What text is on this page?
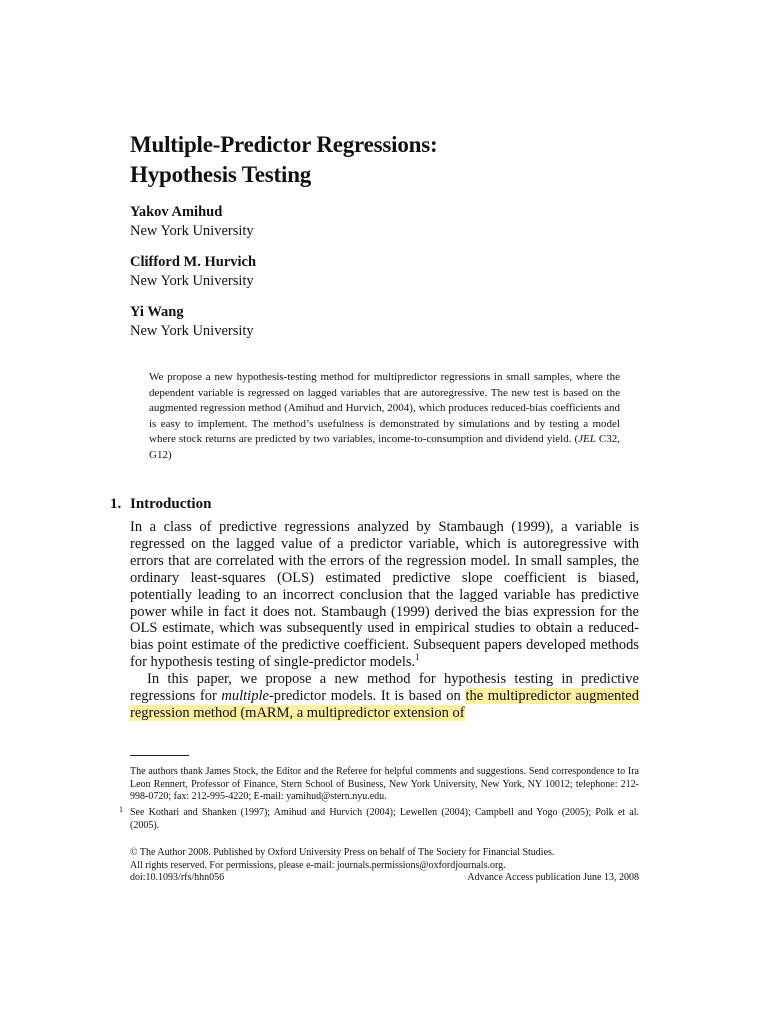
Multiple-Predictor Regressions:
Hypothesis Testing
Yakov Amihud
New York University
Clifford M. Hurvich
New York University
Yi Wang
New York University
We propose a new hypothesis-testing method for multipredictor regressions in small samples, where the dependent variable is regressed on lagged variables that are autoregressive. The new test is based on the augmented regression method (Amihud and Hurvich, 2004), which produces reduced-bias coefficients and is easy to implement. The method’s usefulness is demonstrated by simulations and by testing a model where stock returns are predicted by two variables, income-to-consumption and dividend yield. (JEL C32, G12)
1. Introduction

In a class of predictive regressions analyzed by Stambaugh (1999), a variable is regressed on the lagged value of a predictor variable, which is autoregressive with errors that are correlated with the errors of the regression model. In small samples, the ordinary least-squares (OLS) estimated predictive slope coefficient is biased, potentially leading to an incorrect conclusion that the lagged variable has predictive power while in fact it does not. Stambaugh (1999) derived the bias expression for the OLS estimate, which was subsequently used in empirical studies to obtain a reduced-bias point estimate of the predictive coefficient. Subsequent papers developed methods for hypothesis testing of single-predictor models.$^1$

In this paper, we propose a new method for hypothesis testing in predictive regressions for multiple-predictor models. It is based on the multipredictor augmented regression method (mARM, a multipredictor extension of

The authors thank James Stock, the Editor and the Referee for helpful comments and suggestions. Send correspondence to Ira Leon Rennert, Professor of Finance, Stern School of Business, New York University, New York, NY 10012; telephone: 212-998-0720; fax: 212-995-4220; E-mail: yamihud@stern.nyu.edu.
1 See Kothari and Shanken (1997); Amihud and Hurvich (2004); Lewellen (2004); Campbell and Yogo (2005); Polk et al. (2005).
© The Author 2008. Published by Oxford University Press on behalf of The Society for Financial Studies.
All rights reserved. For permissions, please e-mail: journals.permissions@oxfordjournals.org.
doi:10.1093/rfs/hhn056	Advance Access publication June 13, 2008
